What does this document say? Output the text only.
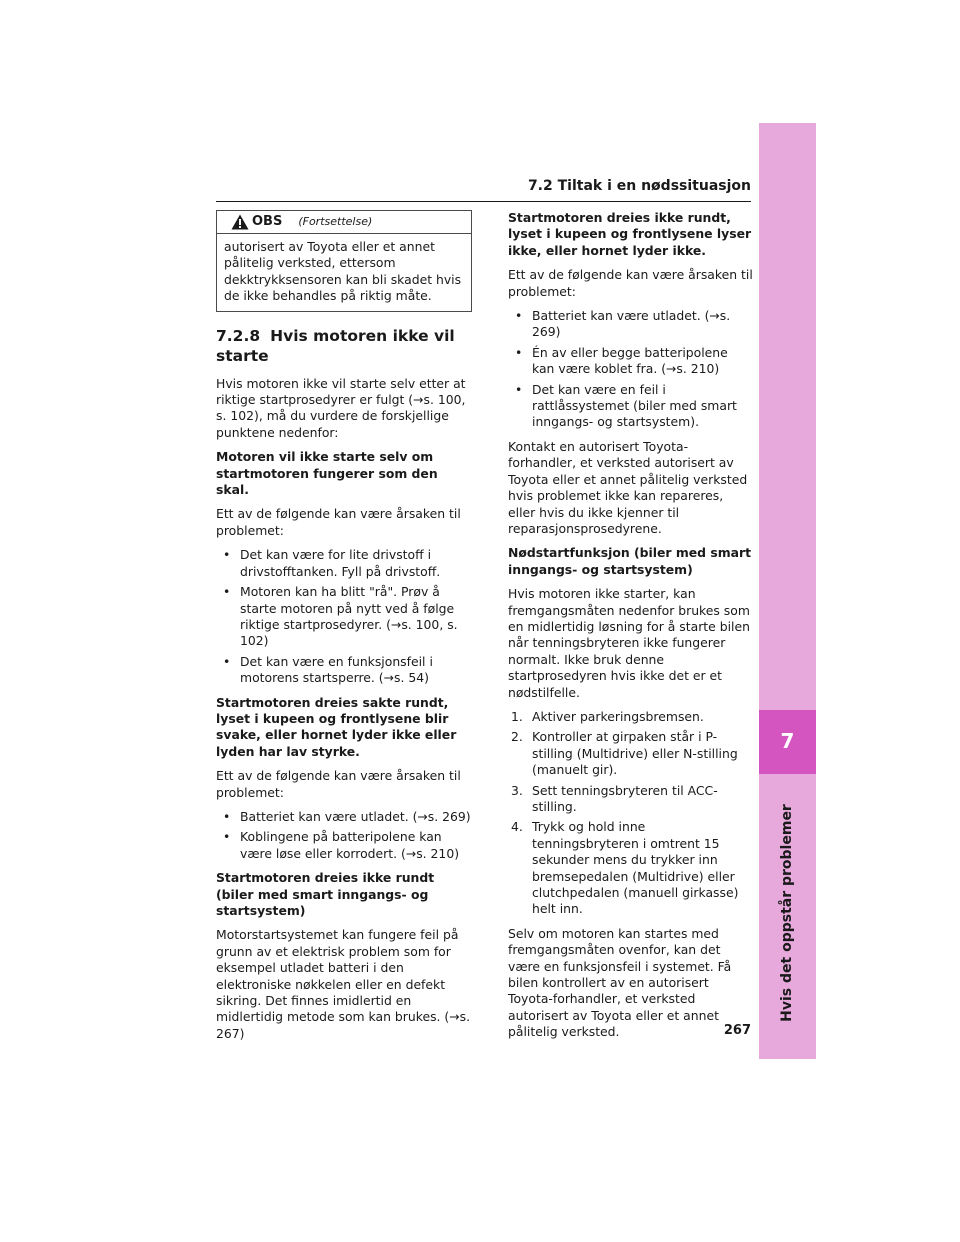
7
Hvis det oppstår problemer
7.2 Tiltak i en nødssituasjon
OBS (Fortsettelse)
autorisert av Toyota eller et annet pålitelig verksted, ettersom dekktrykksensoren kan bli skadet hvis de ikke behandles på riktig måte.
7.2.8 Hvis motoren ikke vil starte

Hvis motoren ikke vil starte selv etter at riktige startprosedyrer er fulgt (→s. 100, s. 102), må du vurdere de forskjellige punktene nedenfor:

Motoren vil ikke starte selv om startmotoren fungerer som den skal.

Ett av de følgende kan være årsaken til problemet:

• Det kan være for lite drivstoff i drivstofftanken. Fyll på drivstoff.
• Motoren kan ha blitt "rå". Prøv å starte motoren på nytt ved å følge riktige startprosedyrer. (→s. 100, s. 102)
• Det kan være en funksjonsfeil i motorens startsperre. (→s. 54)

Startmotoren dreies sakte rundt, lyset i kupeen og frontlysene blir svake, eller hornet lyder ikke eller lyden har lav styrke.

Ett av de følgende kan være årsaken til problemet:

• Batteriet kan være utladet. (→s. 269)
• Koblingene på batteripolene kan være løse eller korrodert. (→s. 210)

Startmotoren dreies ikke rundt (biler med smart inngangs- og startsystem)

Motorstartsystemet kan fungere feil på grunn av et elektrisk problem som for eksempel utladet batteri i den elektroniske nøkkelen eller en defekt sikring. Det finnes imidlertid en midlertidig metode som kan brukes. (→s. 267)

Startmotoren dreies ikke rundt, lyset i kupeen og frontlysene lyser ikke, eller hornet lyder ikke.

Ett av de følgende kan være årsaken til problemet:

• Batteriet kan være utladet. (→s. 269)
• Én av eller begge batteripolene kan være koblet fra. (→s. 210)
• Det kan være en feil i rattlåssystemet (biler med smart inngangs- og startsystem).

Kontakt en autorisert Toyota-forhandler, et verksted autorisert av Toyota eller et annet pålitelig verksted hvis problemet ikke kan repareres, eller hvis du ikke kjenner til reparasjonsprosedyrene.

Nødstartfunksjon (biler med smart inngangs- og startsystem)

Hvis motoren ikke starter, kan fremgangsmåten nedenfor brukes som en midlertidig løsning for å starte bilen når tenningsbryteren ikke fungerer normalt. Ikke bruk denne startprosedyren hvis ikke det er et nødstilfelle.

1. Aktiver parkeringsbremsen.
2. Kontroller at girpaken står i P-stilling (Multidrive) eller N-stilling (manuelt gir).
3. Sett tenningsbryteren til ACC-stilling.
4. Trykk og hold inne tenningsbryteren i omtrent 15 sekunder mens du trykker inn bremsepedalen (Multidrive) eller clutchpedalen (manuell girkasse) helt inn.

Selv om motoren kan startes med fremgangsmåten ovenfor, kan det være en funksjonsfeil i systemet. Få bilen kontrollert av en autorisert Toyota-forhandler, et verksted autorisert av Toyota eller et annet pålitelig verksted.	267
